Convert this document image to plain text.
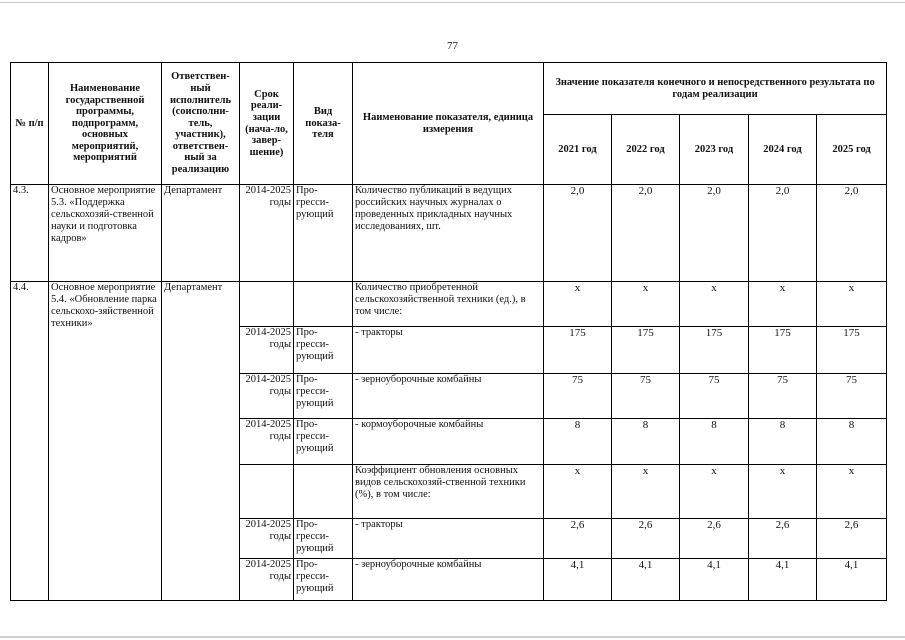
77
№ п/п	Наименование государственной программы, подпрограмм, основных мероприятий, мероприятий	Ответствен-ный исполнитель (соисполни-тель, участник), ответствен-ный за реализацию	Срок реали-зации (нача-ло, завер-шение)	Вид показа-теля	Наименование показателя, единица измерения	Значение показателя конечного и непосредственного результата по годам реализации				
						2021 год	2022 год	2023 год	2024 год	2025 год
4.3.	Основное мероприятие 5.3. «Поддержка сельскохозяй-ственной науки и подготовка кадров»	Департамент	2014-2025 годы	Про-гресси-рующий	Количество публикаций в ведущих российских научных журналах о проведенных прикладных научных исследованиях, шт.	2,0	2,0	2,0	2,0	2,0
4.4.	Основное мероприятие 5.4. «Обновление парка сельскохо-зяйственной техники»	Департамент			Количество приобретенной сельскохозяйственной техники (ед.), в том числе:	х	х	х	х	х
			2014-2025 годы	Про-гресси-рующий	- тракторы	175	175	175	175	175
			2014-2025 годы	Про-гресси-рующий	- зерноуборочные комбайны	75	75	75	75	75
			2014-2025 годы	Про-гресси-рующий	- кормоуборочные комбайны	8	8	8	8	8
					Коэффициент обновления основных видов сельскохозяй-ственной техники (%), в том числе:	х	х	х	х	х
			2014-2025 годы	Про-гресси-рующий	- тракторы	2,6	2,6	2,6	2,6	2,6
			2014-2025 годы	Про-гресси-рующий	- зерноуборочные комбайны	4,1	4,1	4,1	4,1	4,1
